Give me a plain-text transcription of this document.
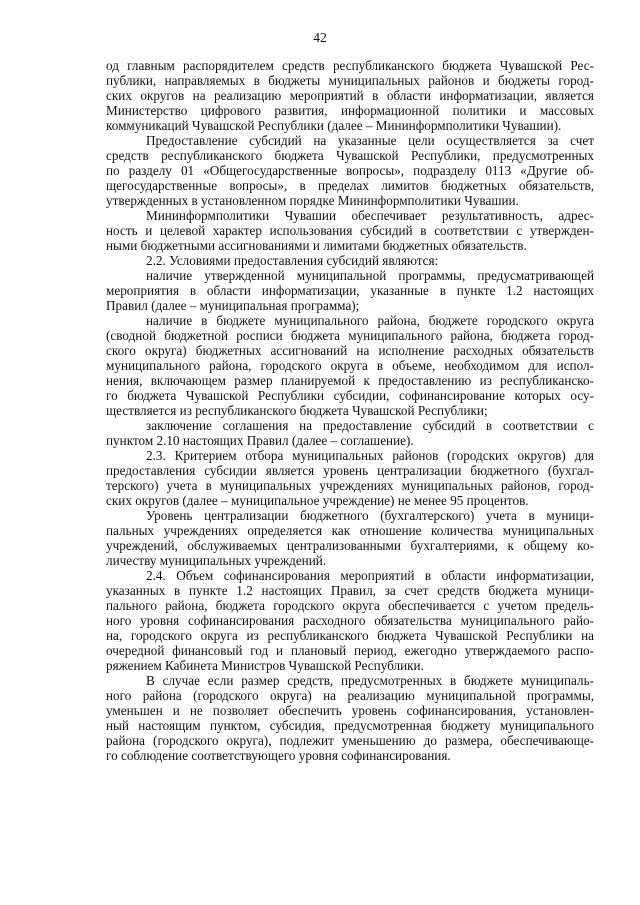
42
од главным распорядителем средств республиканского бюджета Чувашской Рес-
публики, направляемых в бюджеты муниципальных районов и бюджеты город-
ских округов на реализацию мероприятий в области информатизации, является
Министерство цифрового развития, информационной политики и массовых
коммуникаций Чувашской Республики (далее – Мининформполитики Чувашии).
Предоставление субсидий на указанные цели осуществляется за счет
средств республиканского бюджета Чувашской Республики, предусмотренных
по разделу 01 «Общегосударственные вопросы», подразделу 0113 «Другие об-
щегосударственные вопросы», в пределах лимитов бюджетных обязательств,
утвержденных в установленном порядке Мининформполитики Чувашии.
Мининформполитики Чувашии обеспечивает результативность, адрес-
ность и целевой характер использования субсидий в соответствии с утвержден-
ными бюджетными ассигнованиями и лимитами бюджетных обязательств.
2.2. Условиями предоставления субсидий являются:
наличие утвержденной муниципальной программы, предусматривающей
мероприятия в области информатизации, указанные в пункте 1.2 настоящих
Правил (далее – муниципальная программа);
наличие в бюджете муниципального района, бюджете городского округа
(сводной бюджетной росписи бюджета муниципального района, бюджета город-
ского округа) бюджетных ассигнований на исполнение расходных обязательств
муниципального района, городского округа в объеме, необходимом для испол-
нения, включающем размер планируемой к предоставлению из республиканско-
го бюджета Чувашской Республики субсидии, софинансирование которых осу-
ществляется из республиканского бюджета Чувашской Республики;
заключение соглашения на предоставление субсидий в соответствии с
пунктом 2.10 настоящих Правил (далее – соглашение).
2.3. Критерием отбора муниципальных районов (городских округов) для
предоставления субсидии является уровень централизации бюджетного (бухгал-
терского) учета в муниципальных учреждениях муниципальных районов, город-
ских округов (далее – муниципальное учреждение) не менее 95 процентов.
Уровень централизации бюджетного (бухгалтерского) учета в муници-
пальных учреждениях определяется как отношение количества муниципальных
учреждений, обслуживаемых централизованными бухгалтериями, к общему ко-
личеству муниципальных учреждений.
2.4. Объем софинансирования мероприятий в области информатизации,
указанных в пункте 1.2 настоящих Правил, за счет средств бюджета муници-
пального района, бюджета городского округа обеспечивается с учетом предель-
ного уровня софинансирования расходного обязательства муниципального райо-
на, городского округа из республиканского бюджета Чувашской Республики на
очередной финансовый год и плановый период, ежегодно утверждаемого распо-
ряжением Кабинета Министров Чувашской Республики.
В случае если размер средств, предусмотренных в бюджете муниципаль-
ного района (городского округа) на реализацию муниципальной программы,
уменьшен и не позволяет обеспечить уровень софинансирования, установлен-
ный настоящим пунктом, субсидия, предусмотренная бюджету муниципального
района (городского округа), подлежит уменьшению до размера, обеспечивающе-
го соблюдение соответствующего уровня софинансирования.
